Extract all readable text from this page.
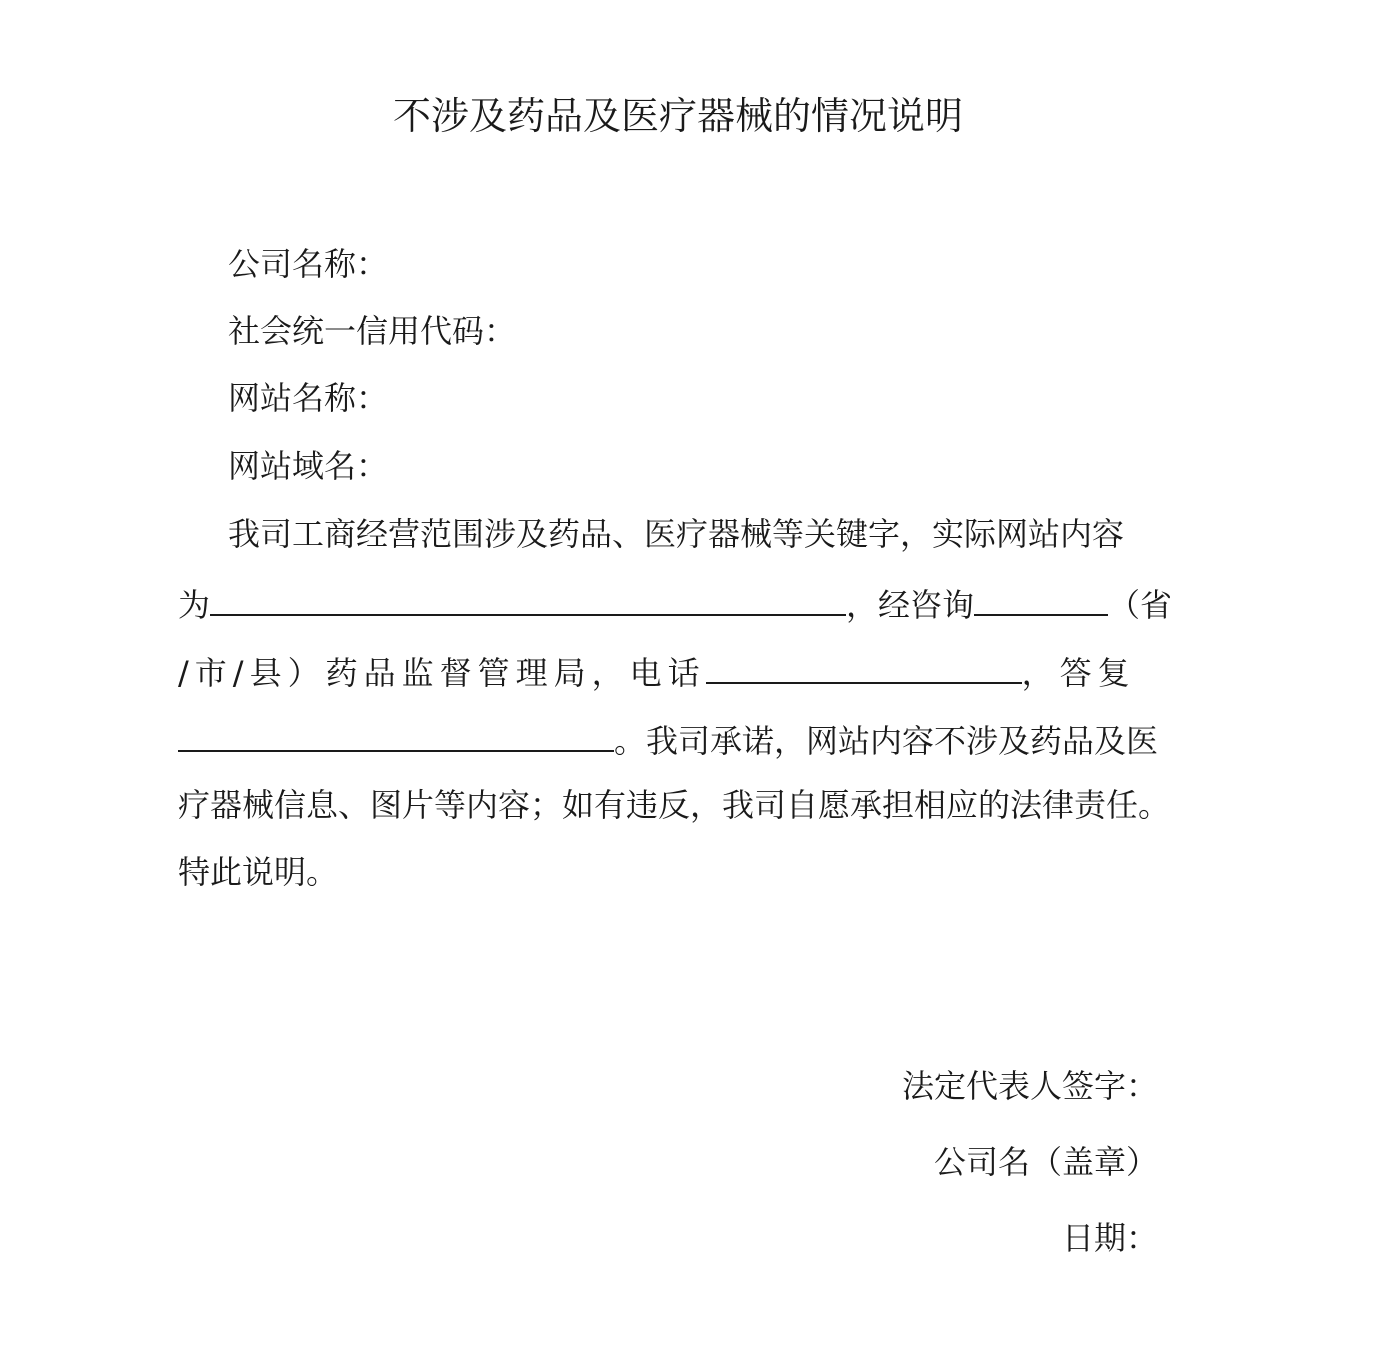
不涉及药品及医疗器械的情况说明
公司名称：
社会统一信用代码：
网站名称：
网站域名：
我司工商经营范围涉及药品、医疗器械等关键字，实际网站内容
为	，经咨询	（省
/市/县）药品监督管理局，电话	，答复
。我司承诺，网站内容不涉及药品及医
疗器械信息、图片等内容；如有违反，我司自愿承担相应的法律责任。
特此说明。
法定代表人签字：
公司名（盖章）
日期：
